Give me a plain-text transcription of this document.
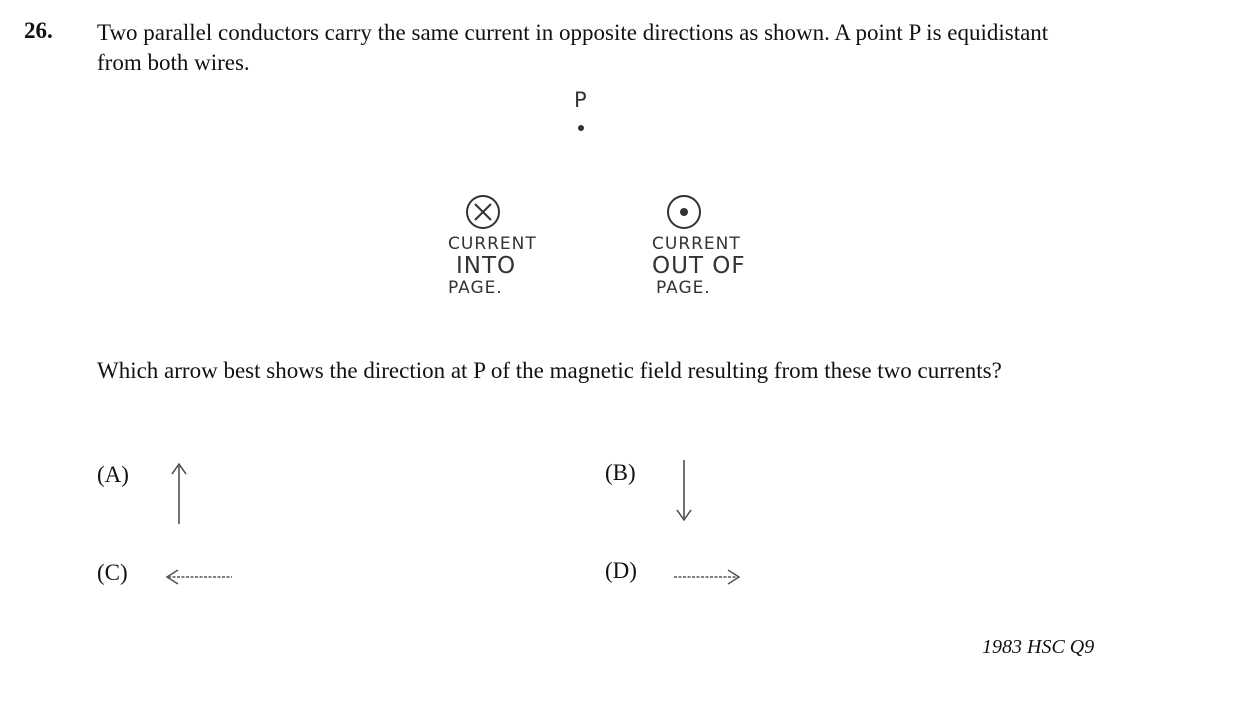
26. Two parallel conductors carry the same current in opposite directions as shown. A point P is equidistant from both wires.
P
CURRENT
INTO
PAGE.
CURRENT
OUT OF
PAGE.
Which arrow best shows the direction at P of the magnetic field resulting from these two currents?
(A)	(B)
(C)	(D)
1983 HSC Q9
